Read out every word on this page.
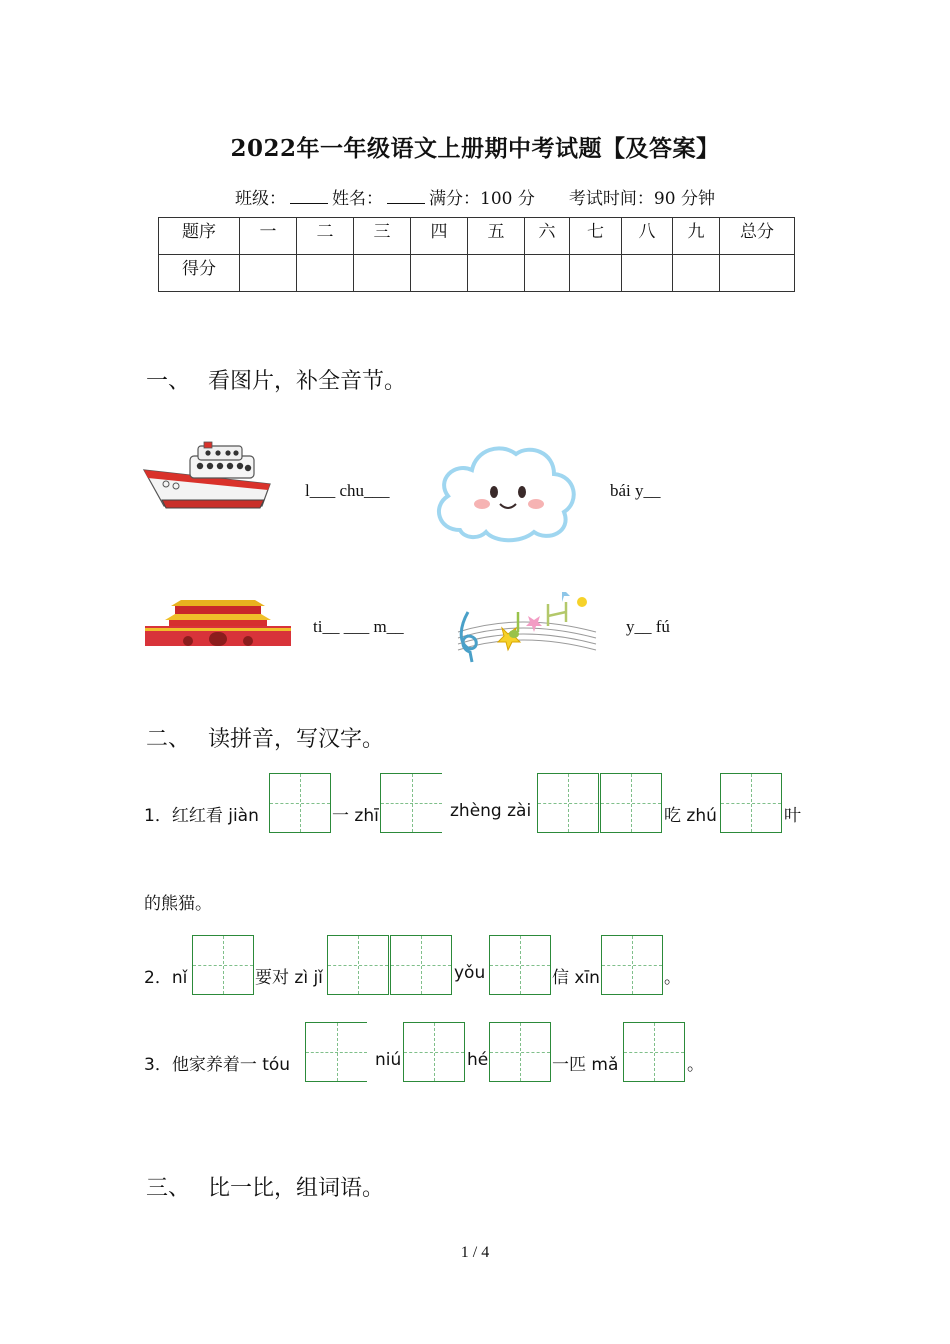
2022年一年级语文上册期中考试题【及答案】
班级：	姓名：	满分：100 分 考试时间：90 分钟
题序	一	二	三	四	五	六	七	八	九	总分
得分										
一、 看图片，补全音节。
l___ chu___	bái y__
ti__ ___ m__	y__ fú
二、 读拼音，写汉字。
1．红红看 jiàn	一 zhī	zhèng zài	吃 zhú	叶
的熊猫。
2．nǐ	要对 zì jǐ	yǒu	信 xīn	。
3．他家养着一 tóu	niú	hé	一匹 mǎ	。
三、 比一比，组词语。
1 / 4
